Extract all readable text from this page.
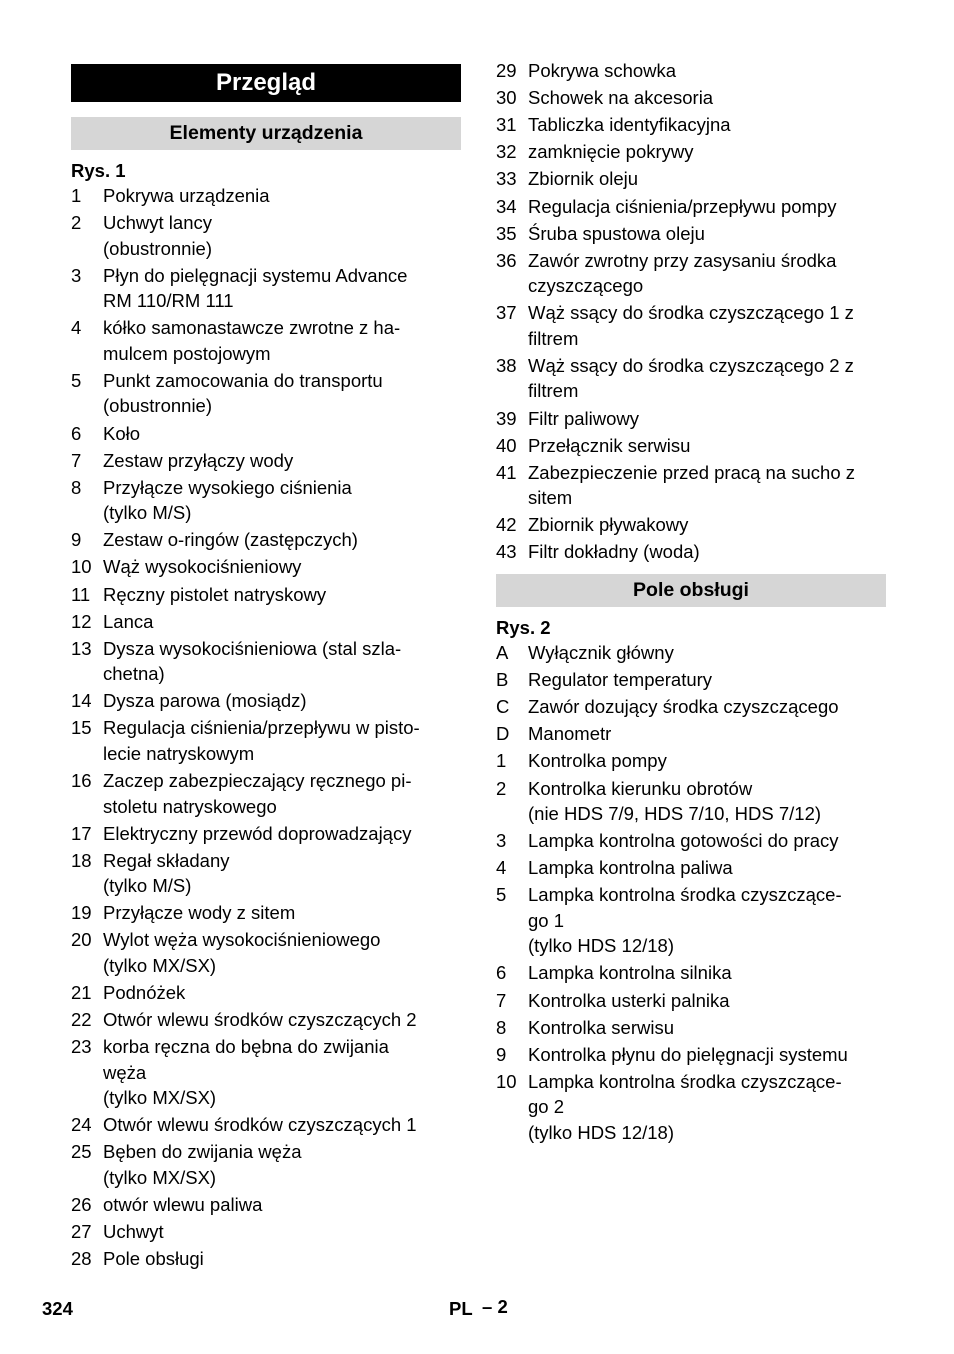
Przegląd
Elementy urządzenia
Rys. 1
1	Pokrywa urządzenia
2	Uchwyt lancy
(obustronnie)
3	Płyn do pielęgnacji systemu Advance
RM 110/RM 111
4	kółko samonastawcze zwrotne z ha-
mulcem postojowym
5	Punkt zamocowania do transportu
(obustronnie)
6	Koło
7	Zestaw przyłączy wody
8	Przyłącze wysokiego ciśnienia
(tylko M/S)
9	Zestaw o-ringów (zastępczych)
10 Wąż wysokociśnieniowy
11 Ręczny pistolet natryskowy
12 Lanca
13 Dysza wysokociśnieniowa (stal szla-
chetna)
14 Dysza parowa (mosiądz)
15 Regulacja ciśnienia/przepływu w pisto-
lecie natryskowym
16 Zaczep zabezpieczający ręcznego pi-
stoletu natryskowego
17 Elektryczny przewód doprowadzający
18 Regał składany
(tylko M/S)
19 Przyłącze wody z sitem
20 Wylot węża wysokociśnieniowego
(tylko MX/SX)
21 Podnóżek
22 Otwór wlewu środków czyszczących 2
23 korba ręczna do bębna do zwijania
węża
(tylko MX/SX)
24 Otwór wlewu środków czyszczących 1
25 Bęben do zwijania węża
(tylko MX/SX)
26 otwór wlewu paliwa
27 Uchwyt
28 Pole obsługi
29 Pokrywa schowka
30 Schowek na akcesoria
31 Tabliczka identyfikacyjna
32 zamknięcie pokrywy
33 Zbiornik oleju
34 Regulacja ciśnienia/przepływu pompy
35 Śruba spustowa oleju
36 Zawór zwrotny przy zasysaniu środka
czyszczącego
37 Wąż ssący do środka czyszczącego 1 z
filtrem
38 Wąż ssący do środka czyszczącego 2 z
filtrem
39 Filtr paliwowy
40 Przełącznik serwisu
41 Zabezpieczenie przed pracą na sucho z
sitem
42 Zbiornik pływakowy
43 Filtr dokładny (woda)
Pole obsługi
Rys. 2
A	Wyłącznik główny
B	Regulator temperatury
C	Zawór dozujący środka czyszczącego
D	Manometr
1	Kontrolka pompy
2	Kontrolka kierunku obrotów
(nie HDS 7/9, HDS 7/10, HDS 7/12)
3	Lampka kontrolna gotowości do pracy
4	Lampka kontrolna paliwa
5	Lampka kontrolna środka czyszczące-
go 1
(tylko HDS 12/18)
6	Lampka kontrolna silnika
7	Kontrolka usterki palnika
8	Kontrolka serwisu
9	Kontrolka płynu do pielęgnacji systemu
10 Lampka kontrolna środka czyszczące-
go 2
(tylko HDS 12/18)
324	PL – 2
